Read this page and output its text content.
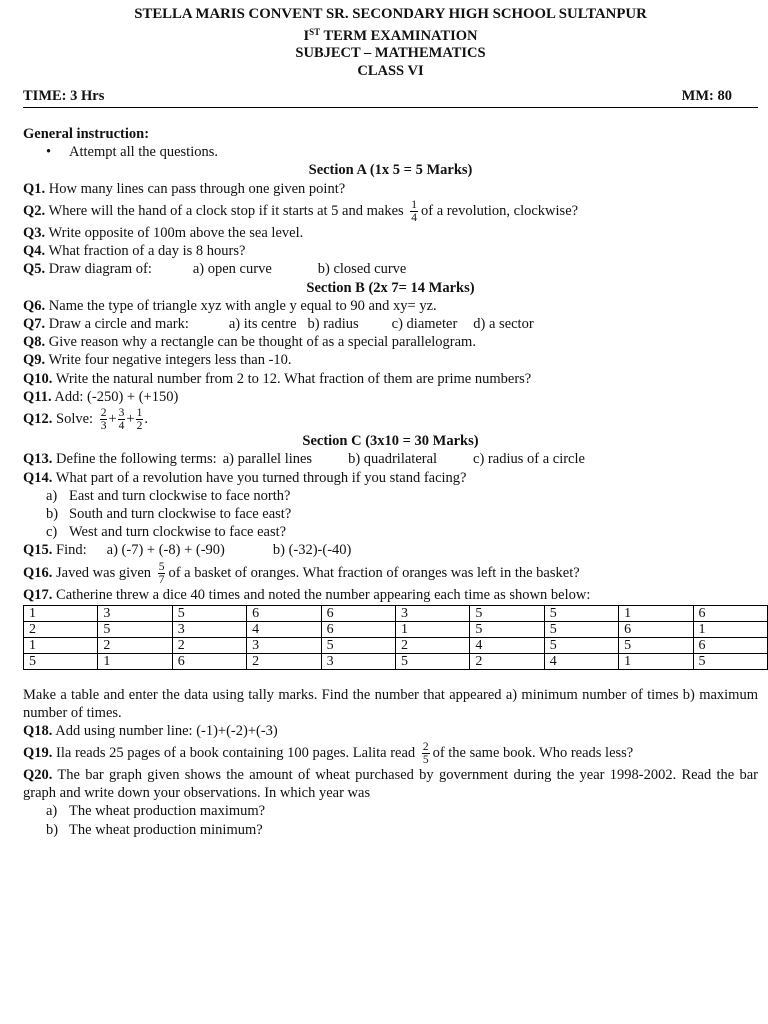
STELLA MARIS CONVENT SR. SECONDARY HIGH SCHOOL SULTANPUR
IST TERM EXAMINATION
SUBJECT – MATHEMATICS
CLASS VI
TIME: 3 Hrs	MM: 80
General instruction:
• Attempt all the questions.
Section A (1x 5 = 5 Marks)
Q1. How many lines can pass through one given point?
Q2. Where will the hand of a clock stop if it starts at 5 and makes $\frac{1}{4}$ of a revolution, clockwise?
Q3. Write opposite of 100m above the sea level.
Q4. What fraction of a day is 8 hours?
Q5. Draw diagram of:	a) open curve	b) closed curve
Section B (2x 7= 14 Marks)
Q6. Name the type of triangle xyz with angle y equal to 90 and xy= yz.
Q7. Draw a circle and mark:	a) its centre b) radius c) diameter d) a sector
Q8. Give reason why a rectangle can be thought of as a special parallelogram.
Q9. Write four negative integers less than -10.
Q10. Write the natural number from 2 to 12. What fraction of them are prime numbers?
Q11. Add: (-250) + (+150)
Q12. Solve: $\frac{2}{3} + \frac{3}{4} + \frac{1}{2}$ .
Section C (3x10 = 30 Marks)
Q13. Define the following terms: a) parallel lines b) quadrilateral c) radius of a circle
Q14. What part of a revolution have you turned through if you stand facing?
a) East and turn clockwise to face north?
b) South and turn clockwise to face east?
c) West and turn clockwise to face east?
Q15. Find: a) (-7) + (-8) + (-90)	b) (-32)-(-40)
Q16. Javed was given $\frac{5}{7}$ of a basket of oranges. What fraction of oranges was left in the basket?
Q17. Catherine threw a dice 40 times and noted the number appearing each time as shown below:
1	3	5	6	6	3	5	5	1	6
2	5	3	4	6	1	5	5	6	1
1	2	2	3	5	2	4	5	5	6
5	1	6	2	3	5	2	4	1	5
Make a table and enter the data using tally marks. Find the number that appeared a) minimum number of times b) maximum number of times.
Q18. Add using number line: (-1)+(-2)+(-3)
Q19. Ila reads 25 pages of a book containing 100 pages. Lalita read $\frac{2}{5}$ of the same book. Who reads less?
Q20. The bar graph given shows the amount of wheat purchased by government during the year 1998-2002. Read the bar graph and write down your observations. In which year was
a) The wheat production maximum?
b) The wheat production minimum?
